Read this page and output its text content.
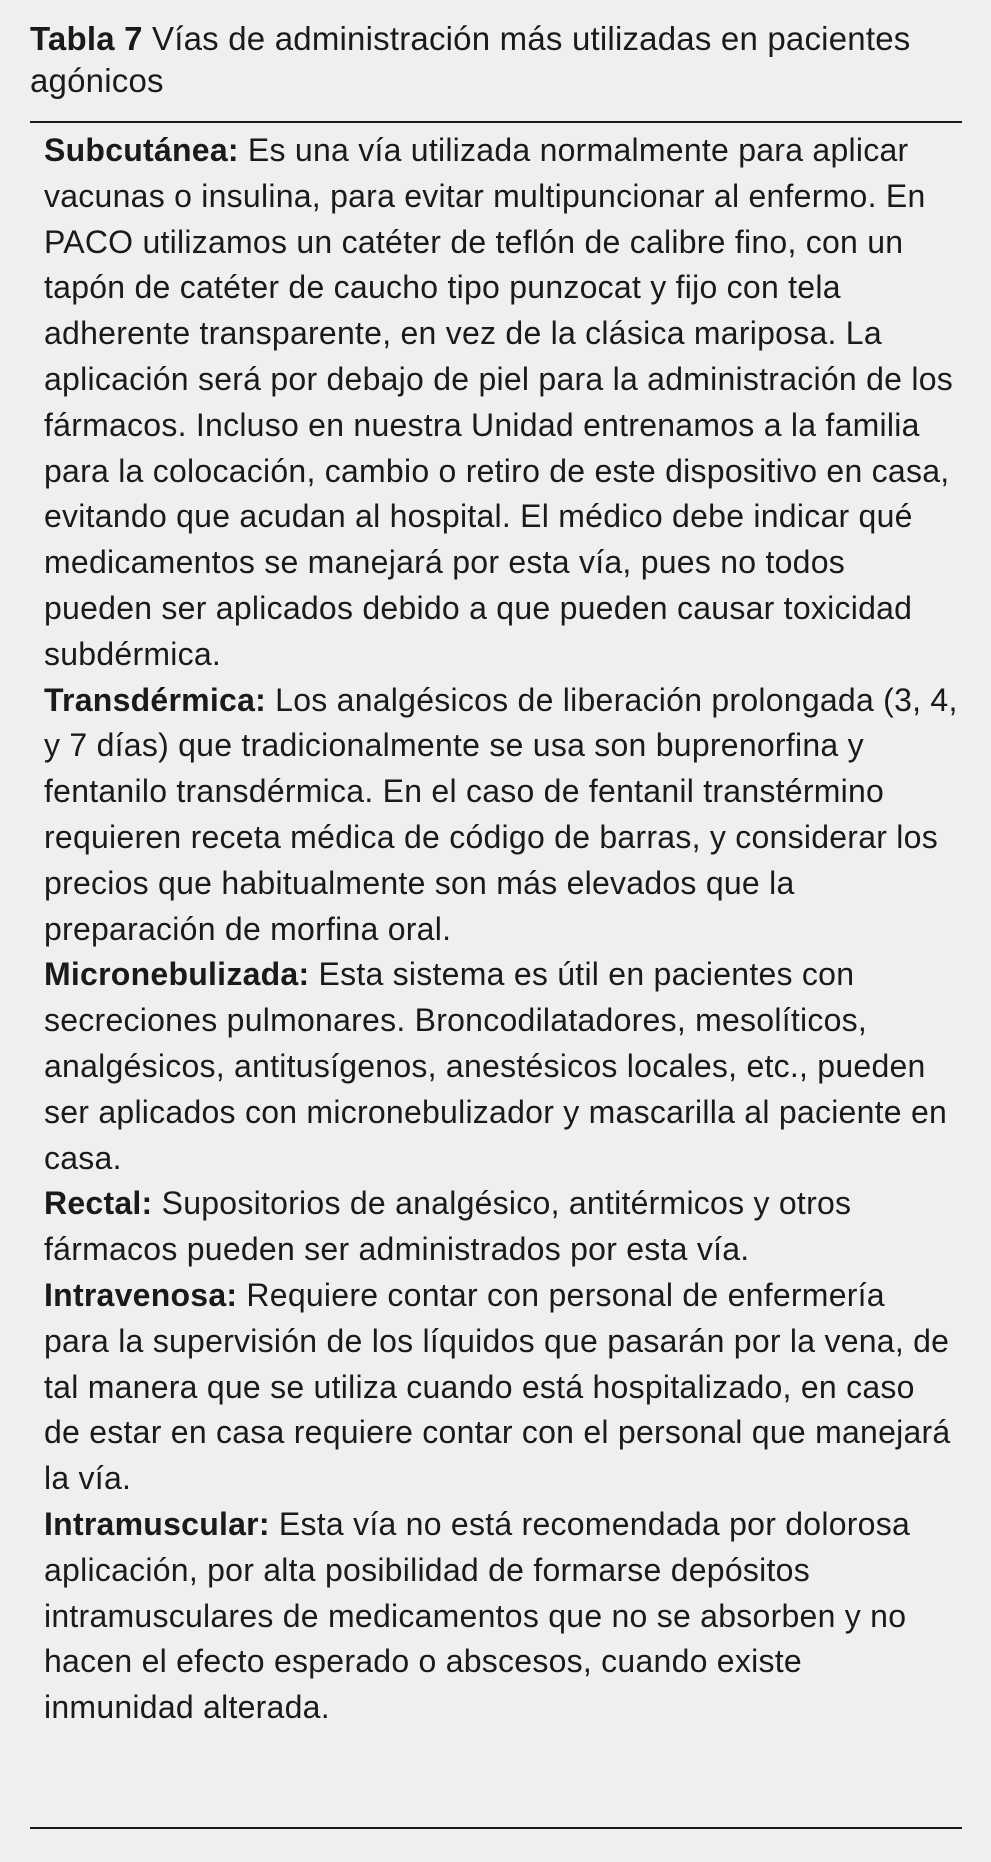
Tabla 7 Vías de administración más utilizadas en pacientes agónicos

Subcutánea: Es una vía utilizada normalmente para aplicar vacunas o insulina, para evitar multipuncionar al enfermo. En PACO utilizamos un catéter de teflón de calibre fino, con un tapón de catéter de caucho tipo punzocat y fijo con tela adherente transparente, en vez de la clásica mariposa. La aplicación será por debajo de piel para la administración de los fármacos. Incluso en nuestra Unidad entrenamos a la familia para la colocación, cambio o retiro de este dispositivo en casa, evitando que acudan al hospital. El médico debe indicar qué medicamentos se manejará por esta vía, pues no todos pueden ser aplicados debido a que pueden causar toxicidad subdérmica.

Transdérmica: Los analgésicos de liberación prolongada (3, 4, y 7 días) que tradicionalmente se usa son buprenorfina y fentanilo transdérmica. En el caso de fentanil transtérmino requieren receta médica de código de barras, y considerar los precios que habitualmente son más elevados que la preparación de morfina oral.

Micronebulizada: Esta sistema es útil en pacientes con secreciones pulmonares. Broncodilatadores, mesolíticos, analgésicos, antitusígenos, anestésicos locales, etc., pueden ser aplicados con micronebulizador y mascarilla al paciente en casa.

Rectal: Supositorios de analgésico, antitérmicos y otros fármacos pueden ser administrados por esta vía.

Intravenosa: Requiere contar con personal de enfermería para la supervisión de los líquidos que pasarán por la vena, de tal manera que se utiliza cuando está hospitalizado, en caso de estar en casa requiere contar con el personal que manejará la vía.

Intramuscular: Esta vía no está recomendada por dolorosa aplicación, por alta posibilidad de formarse depósitos intramusculares de medicamentos que no se absorben y no hacen el efecto esperado o abscesos, cuando existe inmunidad alterada.
